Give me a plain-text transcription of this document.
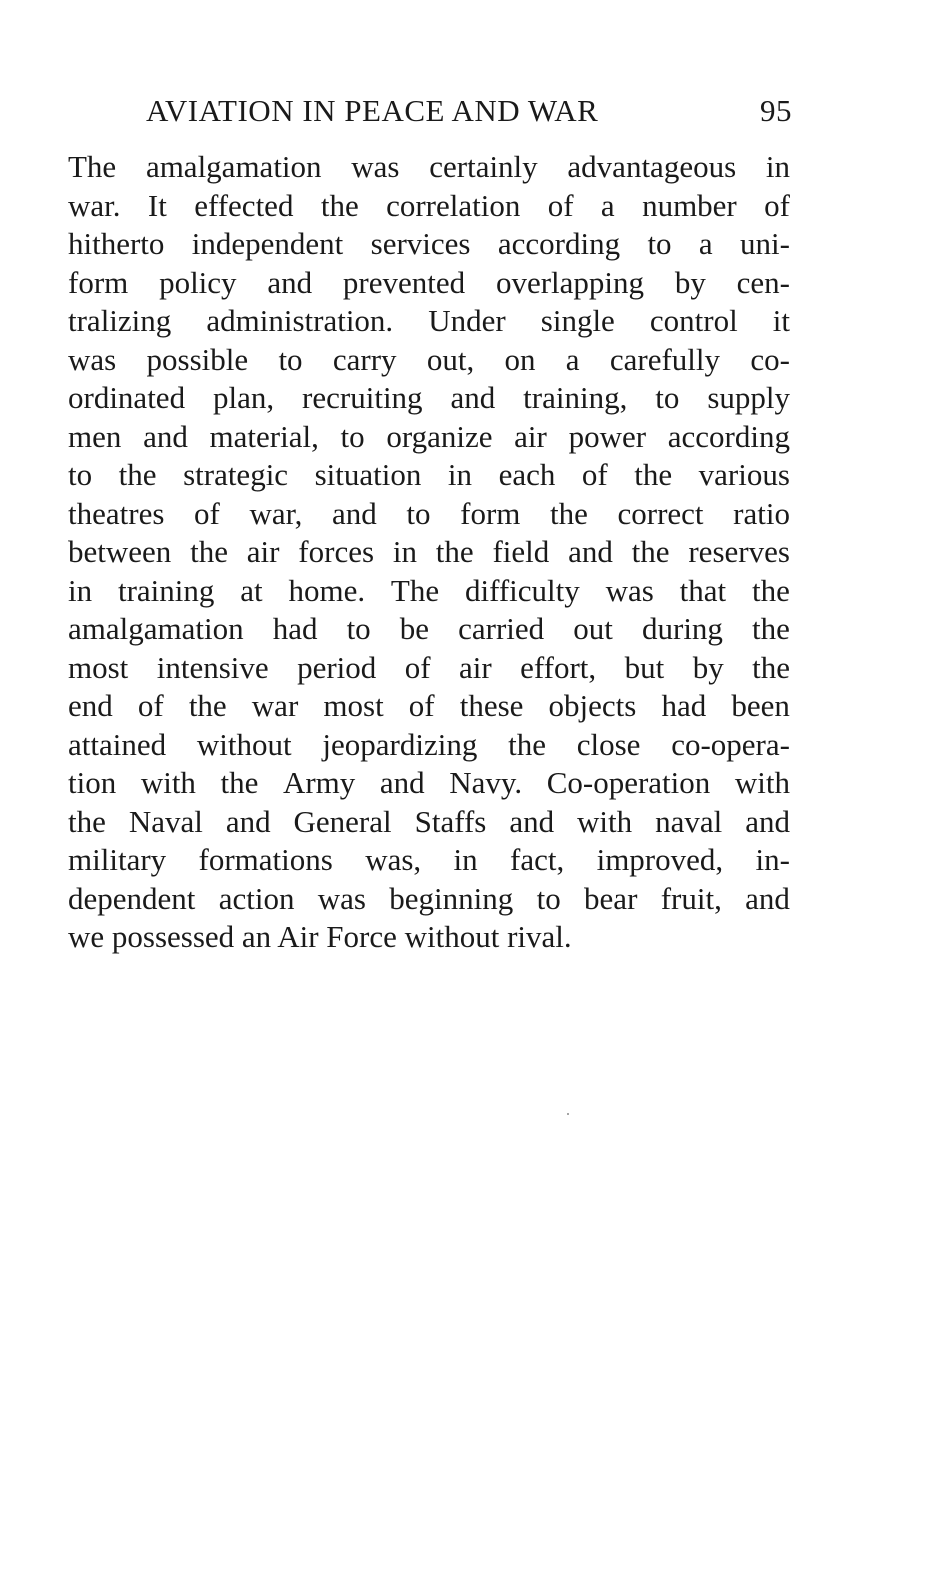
AVIATION IN PEACE AND WAR	95
The amalgamation was certainly advantageous in
war. It effected the correlation of a number of
hitherto independent services according to a uni-
form policy and prevented overlapping by cen-
tralizing administration. Under single control it
was possible to carry out, on a carefully co-
ordinated plan, recruiting and training, to supply
men and material, to organize air power according
to the strategic situation in each of the various
theatres of war, and to form the correct ratio
between the air forces in the field and the reserves
in training at home. The difficulty was that the
amalgamation had to be carried out during the
most intensive period of air effort, but by the
end of the war most of these objects had been
attained without jeopardizing the close co-opera-
tion with the Army and Navy. Co-operation with
the Naval and General Staffs and with naval and
military formations was, in fact, improved, in-
dependent action was beginning to bear fruit, and
we possessed an Air Force without rival.
